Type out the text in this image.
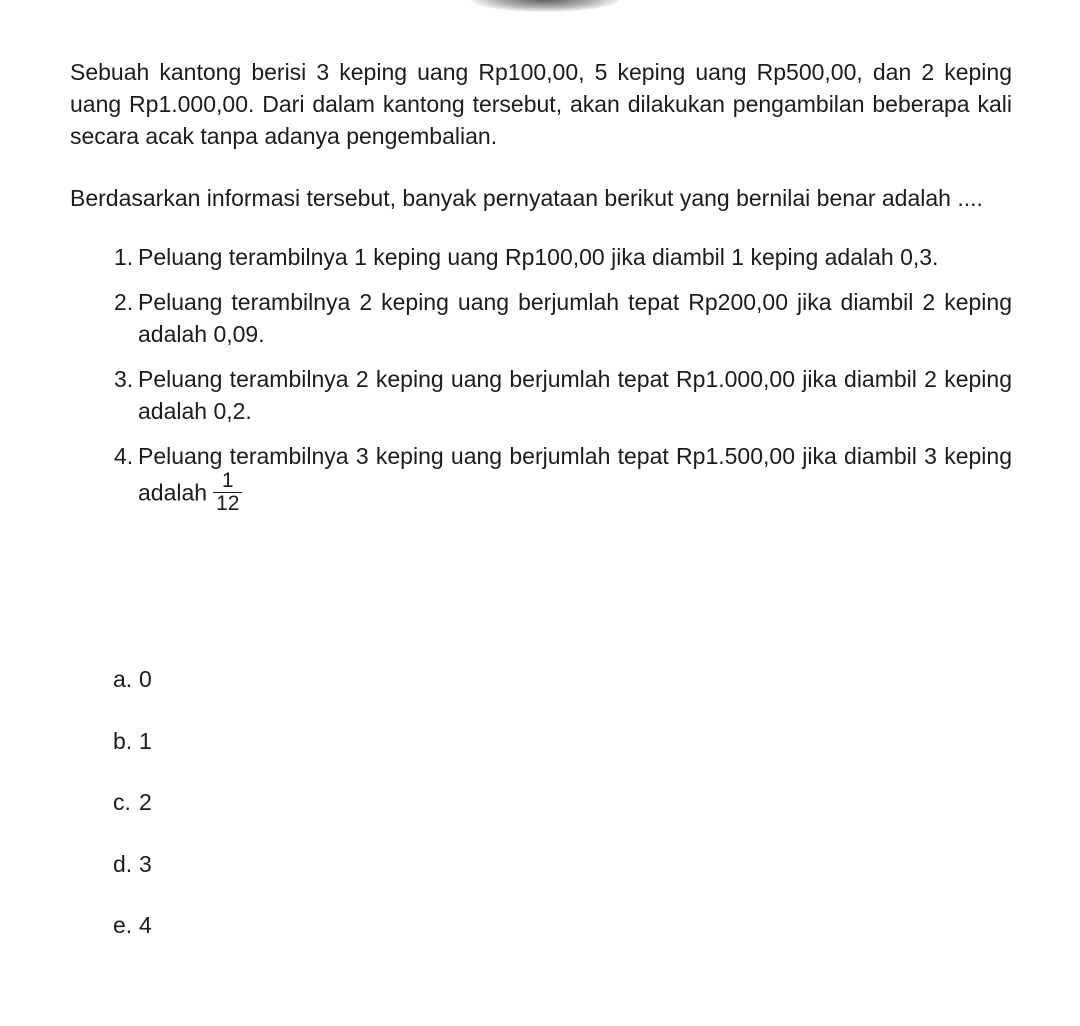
Sebuah kantong berisi 3 keping uang Rp100,00, 5 keping uang Rp500,00, dan 2 keping uang Rp1.000,00. Dari dalam kantong tersebut, akan dilakukan pengambilan beberapa kali secara acak tanpa adanya pengembalian.

Berdasarkan informasi tersebut, banyak pernyataan berikut yang bernilai benar adalah ....

1. Peluang terambilnya 1 keping uang Rp100,00 jika diambil 1 keping adalah 0,3.
2. Peluang terambilnya 2 keping uang berjumlah tepat Rp200,00 jika diambil 2 keping adalah 0,09.
3. Peluang terambilnya 2 keping uang berjumlah tepat Rp1.000,00 jika diambil 2 keping adalah 0,2.
4. Peluang terambilnya 3 keping uang berjumlah tepat Rp1.500,00 jika diambil 3 keping adalah $\frac{1}{12}$
a. 0
b. 1
c. 2
d. 3
e. 4
